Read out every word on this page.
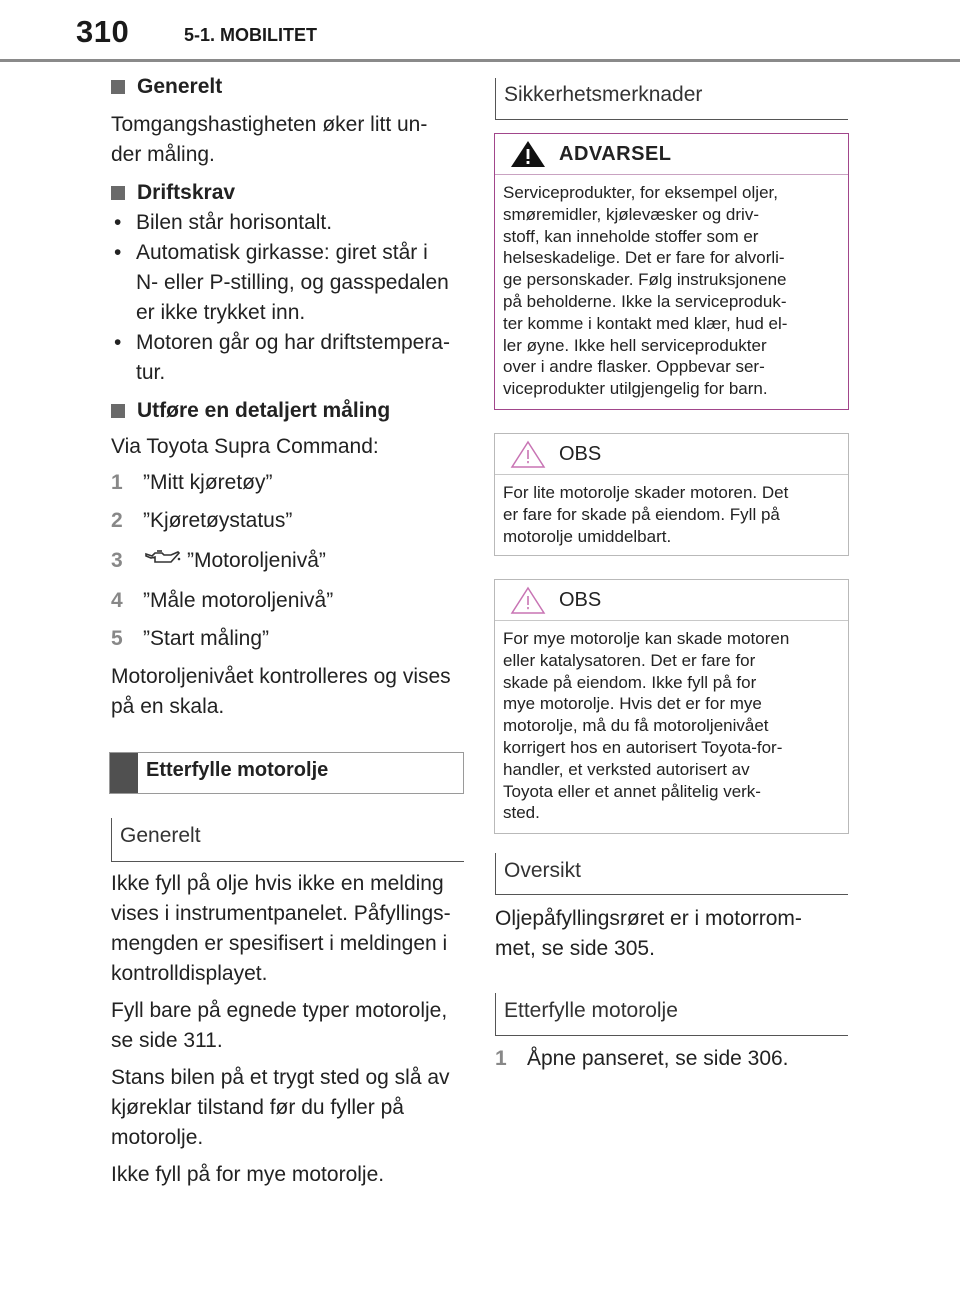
310	5-1. MOBILITET
Generelt

Tomgangshastigheten øker litt un-

der måling.

Driftskrav
• Bilen står horisontalt.
• Automatisk girkasse: giret står i
N- eller P-stilling, og gasspedalen
er ikke trykket inn.
• Motoren går og har driftstempera-
tur.
Utføre en detaljert måling

Via Toyota Supra Command:

1 ”Mitt kjøretøy”
2 ”Kjøretøystatus”
3	”Motoroljenivå”
4 ”Måle motoroljenivå”
5 ”Start måling”

Motoroljenivået kontrolleres og vises

på en skala.

Etterfylle motorolje
Generelt
Ikke fyll på olje hvis ikke en melding
vises i instrumentpanelet. Påfyllings-
mengden er spesifisert i meldingen i
kontrolldisplayet.
Fyll bare på egnede typer motorolje,
se side 311.
Stans bilen på et trygt sted og slå av
kjøreklar tilstand før du fyller på
motorolje.
Ikke fyll på for mye motorolje.
Sikkerhetsmerknader
ADVARSEL
Serviceprodukter, for eksempel oljer,
smøremidler, kjølevæsker og driv-
stoff, kan inneholde stoffer som er
helseskadelige. Det er fare for alvorli-
ge personskader. Følg instruksjonene
på beholderne. Ikke la serviceproduk-
ter komme i kontakt med klær, hud el-
ler øyne. Ikke hell serviceprodukter
over i andre flasker. Oppbevar ser-
viceprodukter utilgjengelig for barn.
OBS
For lite motorolje skader motoren. Det
er fare for skade på eiendom. Fyll på
motorolje umiddelbart.
OBS
For mye motorolje kan skade motoren
eller katalysatoren. Det er fare for
skade på eiendom. Ikke fyll på for
mye motorolje. Hvis det er for mye
motorolje, må du få motoroljenivået
korrigert hos en autorisert Toyota-for-
handler, et verksted autorisert av
Toyota eller et annet pålitelig verk-
sted.
Oversikt
Oljepåfyllingsrøret er i motorrom-
met, se side 305.
Etterfylle motorolje
1 Åpne panseret, se side 306.
